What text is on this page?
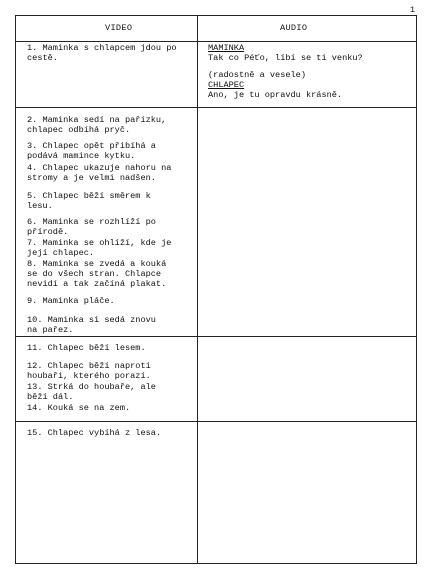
1
VIDEO	AUDIO
1. Maminka s chlapcem jdou po
cestě.
MAMINKA
Tak co Péťo, líbí se ti venku?
(radostně a vesele)
CHLAPEC
Ano, je tu opravdu krásně.
2. Maminka sedí na pařízku,
chlapec odbíhá pryč.
3. Chlapec opět přibíhá a
podává mamince kytku.
4. Chlapec ukazuje nahoru na
stromy a je velmi nadšen.
5. Chlapec běží směrem k
lesu.
6. Maminka se rozhlíží po
přírodě.
7. Maminka se ohlíží, kde je
její chlapec.
8. Maminka se zvedá a kouká
se do všech stran. Chlapce
nevidí a tak začíná plakat.
9. Maminka pláče.
10. Maminka si sedá znovu
na pařez.
11. Chlapec běží lesem.
12. Chlapec běží naproti
houbaři, kterého porazí.
13. Strká do houbaře, ale
běží dál.
14. Kouká se na zem.
15. Chlapec vybíhá z lesa.
